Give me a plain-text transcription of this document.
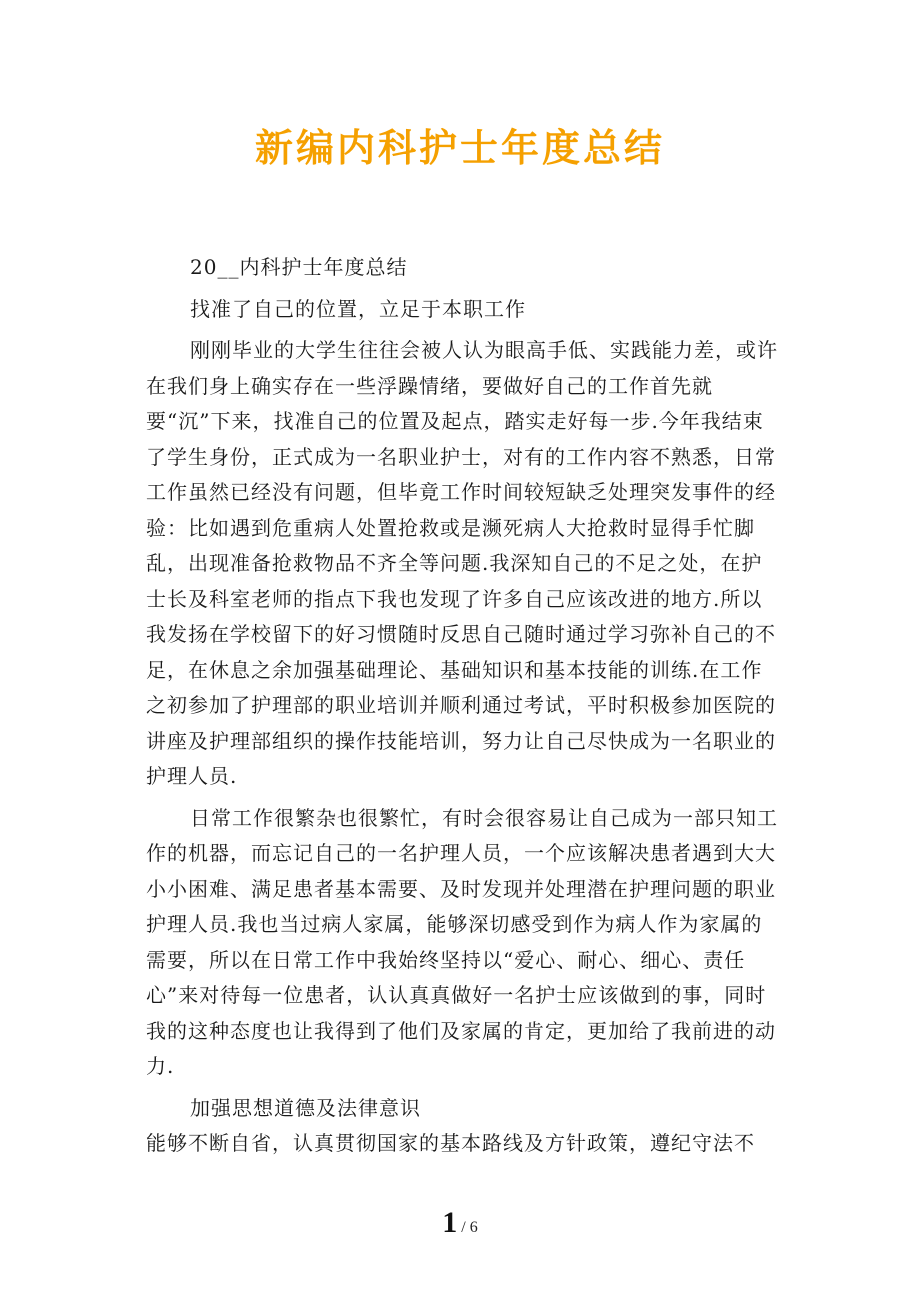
新编内科护士年度总结

20__内科护士年度总结

找准了自己的位置，立足于本职工作

刚刚毕业的大学生往往会被人认为眼高手低、实践能力差，或许在我们身上确实存在一些浮躁情绪，要做好自己的工作首先就要“沉”下来，找准自己的位置及起点，踏实走好每一步.今年我结束了学生身份，正式成为一名职业护士，对有的工作内容不熟悉，日常工作虽然已经没有问题，但毕竟工作时间较短缺乏处理突发事件的经验：比如遇到危重病人处置抢救或是濒死病人大抢救时显得手忙脚乱，出现准备抢救物品不齐全等问题.我深知自己的不足之处，在护士长及科室老师的指点下我也发现了许多自己应该改进的地方.所以我发扬在学校留下的好习惯随时反思自己随时通过学习弥补自己的不足，在休息之余加强基础理论、基础知识和基本技能的训练.在工作之初参加了护理部的职业培训并顺利通过考试，平时积极参加医院的讲座及护理部组织的操作技能培训，努力让自己尽快成为一名职业的护理人员.

日常工作很繁杂也很繁忙，有时会很容易让自己成为一部只知工作的机器，而忘记自己的一名护理人员，一个应该解决患者遇到大大小小困难、满足患者基本需要、及时发现并处理潜在护理问题的职业护理人员.我也当过病人家属，能够深切感受到作为病人作为家属的需要，所以在日常工作中我始终坚持以“爱心、耐心、细心、责任心”来对待每一位患者，认认真真做好一名护士应该做到的事，同时我的这种态度也让我得到了他们及家属的肯定，更加给了我前进的动力.

加强思想道德及法律意识

能够不断自省，认真贯彻国家的基本路线及方针政策，遵纪守法不

1 / 6
